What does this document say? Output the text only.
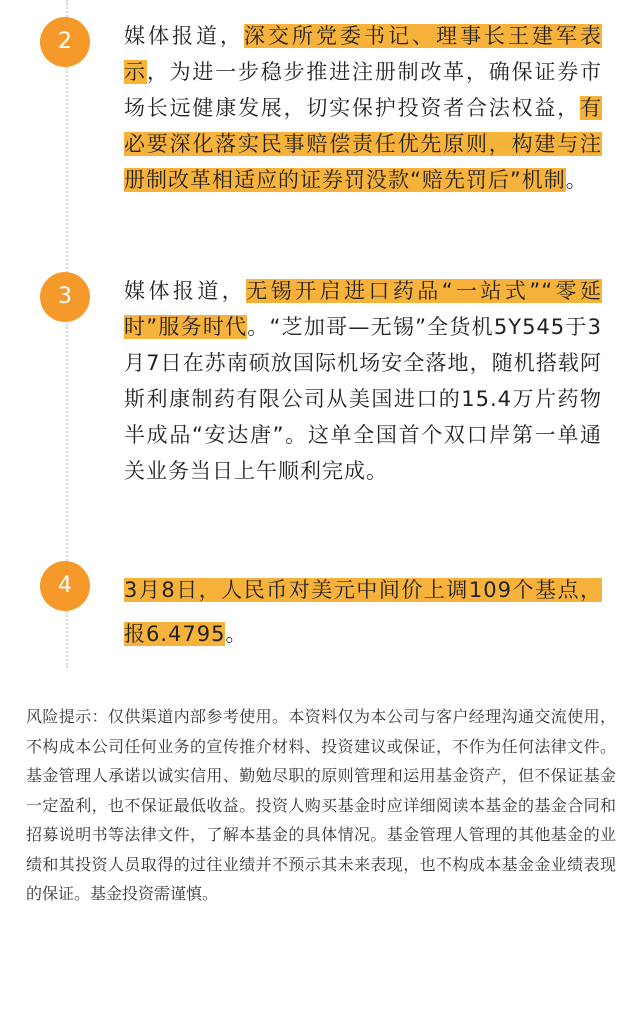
2	媒体报道，深交所党委书记、理事长王建军表示，为进一步稳步推进注册制改革，确保证券市场长远健康发展，切实保护投资者合法权益，有必要深化落实民事赔偿责任优先原则，构建与注册制改革相适应的证券罚没款“赔先罚后”机制。

3	媒体报道，无锡开启进口药品“一站式”“零延时”服务时代。“芝加哥—无锡”全货机5Y545于3月7日在苏南硕放国际机场安全落地，随机搭载阿斯利康制药有限公司从美国进口的15.4万片药物半成品“安达唐”。这单全国首个双口岸第一单通关业务当日上午顺利完成。

4	3月8日，人民币对美元中间价上调109个基点，报6.4795。

风险提示：仅供渠道内部参考使用。本资料仅为本公司与客户经理沟通交流使用，不构成本公司任何业务的宣传推介材料、投资建议或保证，不作为任何法律文件。基金管理人承诺以诚实信用、勤勉尽职的原则管理和运用基金资产，但不保证基金一定盈利，也不保证最低收益。投资人购买基金时应详细阅读本基金的基金合同和招募说明书等法律文件，了解本基金的具体情况。基金管理人管理的其他基金的业绩和其投资人员取得的过往业绩并不预示其未来表现，也不构成本基金金业绩表现的保证。基金投资需谨慎。
